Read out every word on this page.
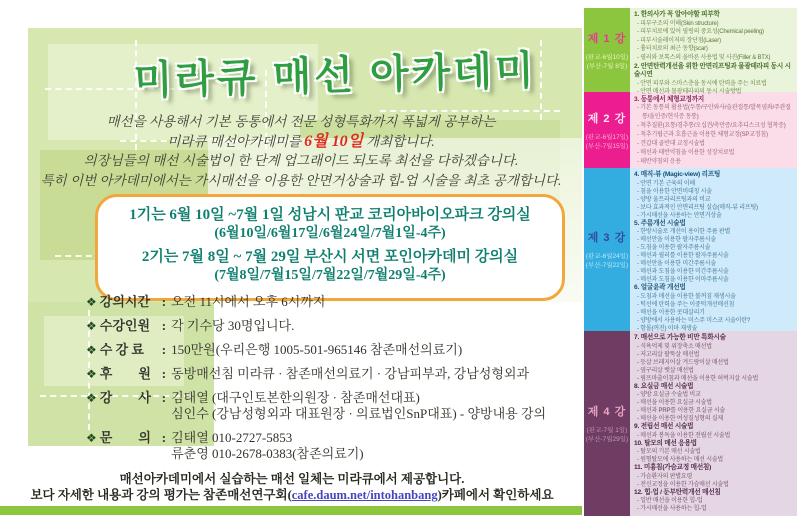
미라큐 매선 아카데미
매선을 사용해서 기본 동통에서 전문 성형특화까지 폭넓게 공부하는
미라큐 매선아카데미를 6월 10일 개최합니다.
의장님들의 매선 시술법이 한 단계 업그래이드 되도록 최선을 다하겠습니다.
특히 이번 아카데미에서는 가시매선을 이용한 안면거상술과 힙-업 시술을 최초 공개합니다.
1기는 6월 10일 ~7월 1일 성남시 판교 코리아바이오파크 강의실
(6월10일/6월17일/6월24일/7월1일-4주)
2기는 7월 8일 ~ 7월 29일 부산시 서면 포인아카데미 강의실
(7월8일/7월15일/7월22일/7월29일-4주)
❖ 강의시간 : 오전 11시에서 오후 6시까지
❖ 수강인원 : 각 기수당 30명입니다.
❖ 수 강 료	: 150만원(우리은행 1005-501-965146 참존매선의료기)
❖ 후　　원 : 동방매선침 미라큐 · 참존매선의료기 · 강남피부과, 강남성형외과
❖ 강　　사 : 김태열 (대구인토본한의원장 · 참존매선대표)
심인수 (강남성형외과 대표원장 · 의료법인SnP대표) - 양방내용 강의
❖ 문　　의 : 김태열 010-2727-5853
류춘영 010-2678-0383(참존의료기)
매선아카데미에서 실습하는 매선 일체는 미라큐에서 제공합니다.
보다 자세한 내용과 강의 평가는 참존매선연구회(cafe.daum.net/intohanbang)카페에서 확인하세요
제 1 강
(판교-6월10일)
(부산-7월 8일)
1. 한의사가 꼭 알아야할 피부학
- 피부구조의 이해(Skin structure)
- 피부치료에 있어 필링의 중요성(Chemical peeling)
- 피부시술레이저의 장단점(Laser)
- 흉터치료의 최근 동향(scar)
- 필러와 보톡스의 올바른 사용법 및 사진(Filler & BTX)
2. 안면탄력개선을 위한 안면리프팅과 물광테라피 동시 시술시연
- 안면 피부와 스마스층을 동시에 탄력을 주는 치료법
- 안면 매선과 물광테라피의 동시 시술방법
제 2 강
(판교-6월17일)
(부산-7월15일)
3. 동통에서 체형교정까지
- 기본 동통의 활용법(두통/구안와사/슬관절통/발목염좌/주관절통/울인증/현식증 동통)
- 척추질환(요통/경추통/오십견/측만증/요추디스크성 협착증)
- 척추기립근과 호흡근을 이용한 체형교정(SP교정침)
- 견갑대 골반대 교정시술법
- 매선과 태반약침을 이용한 성장치료법
- 태반약침의 응용
제 3 강
(판교-6월24일)
(부산-7월22일)
4. 매직-뷰 (Magic-view) 리프팅
- 안면 기본 근육의 이해
- 침을 이용한 안면비대칭 시술
- 양방 울트라리프팅과의 비교
- 보다 효과적인 안면리프팅 실습(매직-뷰 리프팅)
- 가시매선을 사용하는 안면거상술
5. 주름개선 시술법
- 한방시술로 개선이 용이한 주름 판별
- 매선만을 이용한 팔자주름시술
- 도침을 이용한 팔자주름시술
- 매선과 필러를 이용한 팔자주름시술
- 매선만을 이용한 미간주름시술
- 매선과 도침을 이용한 미간주름시술
- 매선과 도침을 이용한 이마주름시술
6. 얼굴윤곽 개선법
- 도침과 매선을 이용한 볼꺼짐 재생시술
- 턱선에 탄력을 주는 이중턱개선매선침
- 매선을 이용한 콧대살리기
- 양방에서 사용하는 미스주 미스코 시술이란?
- 함몰(꺼진) 이마 재생술
제 4 강
(판교-7월 1일)
(부산-7월29일)
7. 매선으로 가능한 비만 특화시술
- 식욕억제 및 위장축소 매선법
- 저고리살 팔뚝살 매선법
- 등살 브래지어살 겨드랑이살 매선법
- 옆구리살 뱃살 매선법
- 림프마출이침과 매선을 이용한 허벅지살 시술법
8. 요실금 매선 시술법
- 양방 요실금 수술법 비교
- 매선을 이용한 요실금 시술법
- 매선과 PRP를 이용한 요실금 시술
- 매선을 이용한 여성질성형의 실제
9. 전립선 매선 시술법
- 매선과 봉독을 이용한 전립선 시술법
10. 탈모의 매선 응용법
- 탈모의 기본 매선 시술법
- 원형탈모에 사용하는 매선 시술법
11. 미흉침(가슴교정 매선침)
- 가슴환자의 판별요령
- 전신교정을 이용한 가슴매선 시술법
12. 힙-업 / 둔부탄력개선 매선침
- 일반 매선을 이용한 힙-업
- 가시매선을 사용하는 힙-업
